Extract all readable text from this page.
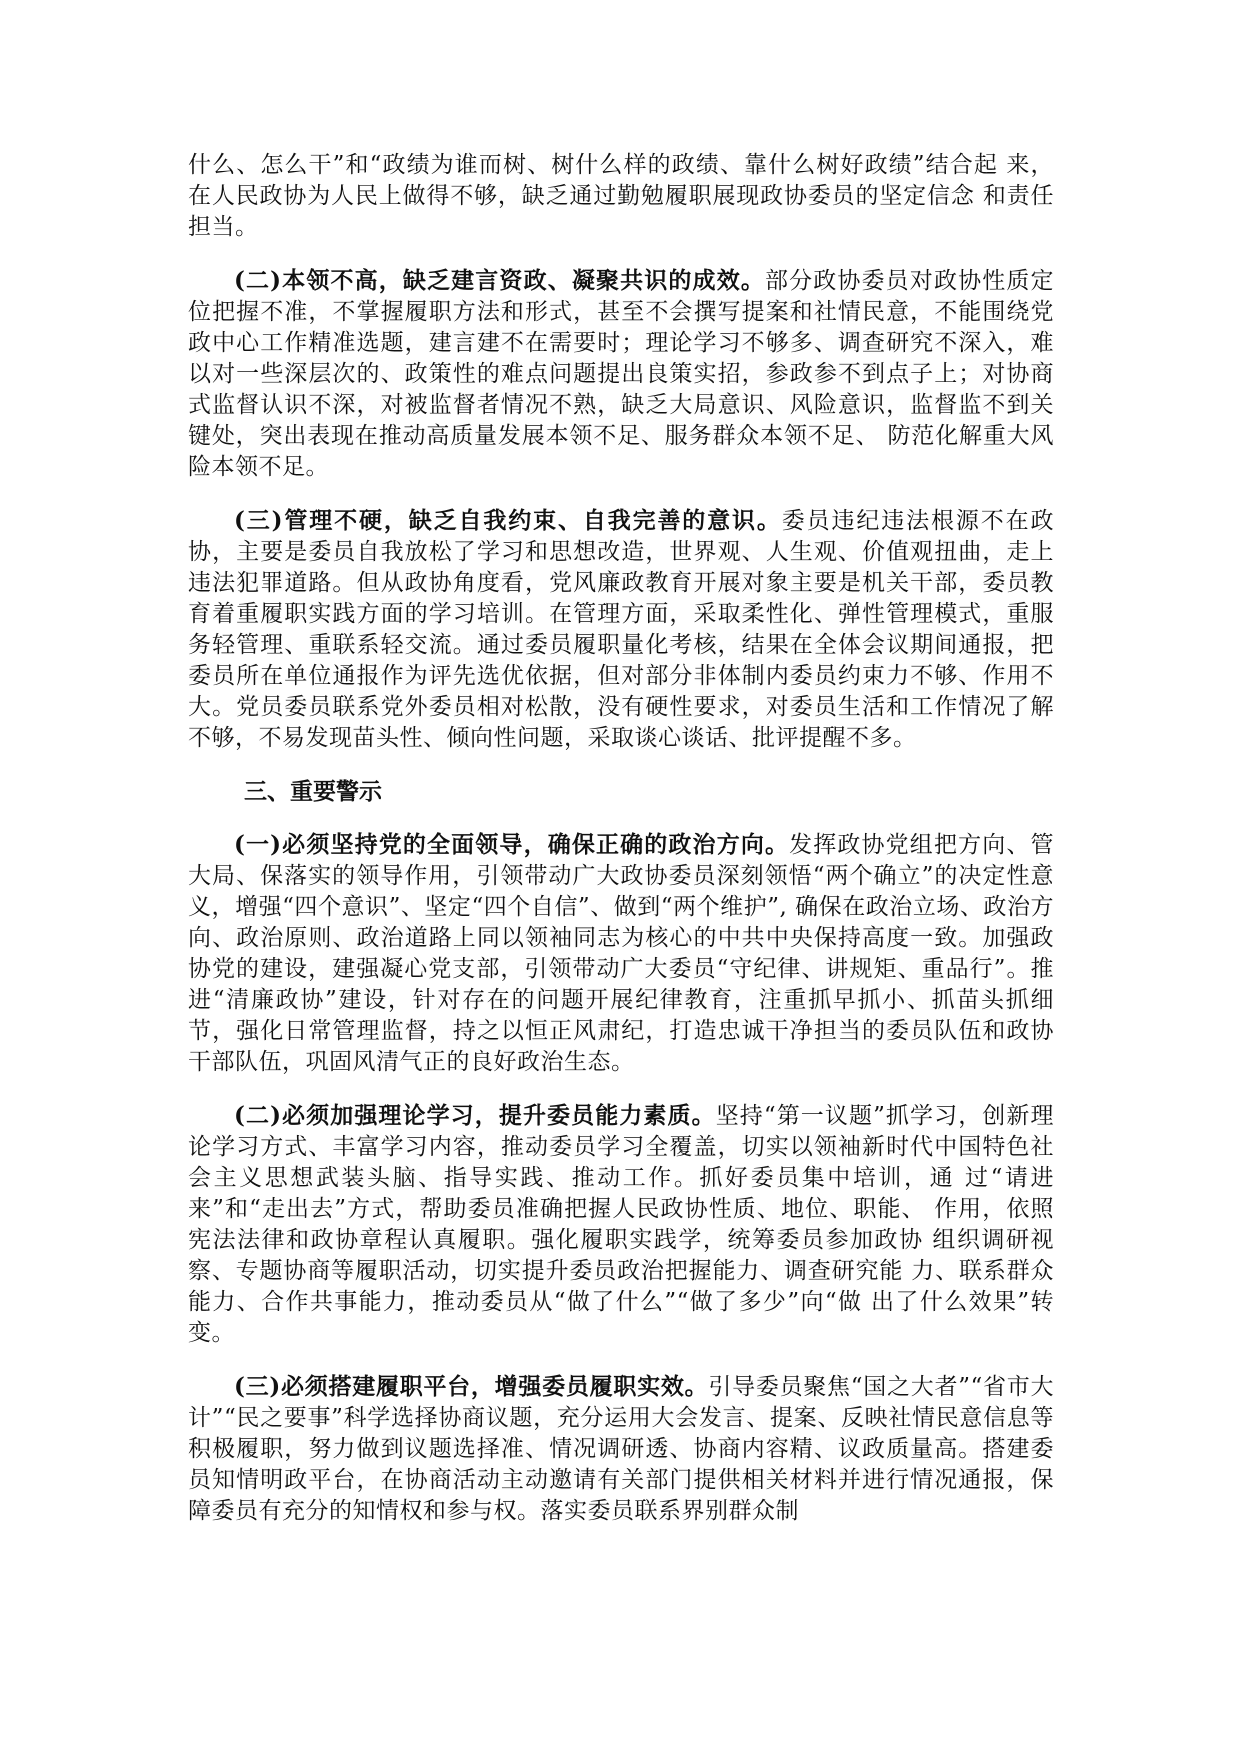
什么、怎么干”和“政绩为谁而树、树什么样的政绩、靠什么树好政绩”结合起 来，在人民政协为人民上做得不够，缺乏通过勤勉履职展现政协委员的坚定信念 和责任担当。

(二)本领不高，缺乏建言资政、凝聚共识的成效。部分政协委员对政协性质定位把握不准，不掌握履职方法和形式，甚至不会撰写提案和社情民意，不能围绕党政中心工作精准选题，建言建不在需要时；理论学习不够多、调查研究不深入，难以对一些深层次的、政策性的难点问题提出良策实招，参政参不到点子上；对协商式监督认识不深，对被监督者情况不熟，缺乏大局意识、风险意识，监督监不到关键处，突出表现在推动高质量发展本领不足、服务群众本领不足、 防范化解重大风险本领不足。

(三)管理不硬，缺乏自我约束、自我完善的意识。委员违纪违法根源不在政协，主要是委员自我放松了学习和思想改造，世界观、人生观、价值观扭曲，走上违法犯罪道路。但从政协角度看，党风廉政教育开展对象主要是机关干部，委员教育着重履职实践方面的学习培训。在管理方面，采取柔性化、弹性管理模式，重服务轻管理、重联系轻交流。通过委员履职量化考核，结果在全体会议期间通报，把委员所在单位通报作为评先选优依据，但对部分非体制内委员约束力不够、作用不大。党员委员联系党外委员相对松散，没有硬性要求，对委员生活和工作情况了解不够，不易发现苗头性、倾向性问题，采取谈心谈话、批评提醒不多。

三、重要警示

(一)必须坚持党的全面领导，确保正确的政治方向。发挥政协党组把方向、管大局、保落实的领导作用，引领带动广大政协委员深刻领悟“两个确立”的决定性意义，增强“四个意识”、坚定“四个自信”、做到“两个维护”, 确保在政治立场、政治方向、政治原则、政治道路上同以领袖同志为核心的中共中央保持高度一致。加强政协党的建设，建强凝心党支部，引领带动广大委员“守纪律、讲规矩、重品行”。推进“清廉政协”建设，针对存在的问题开展纪律教育，注重抓早抓小、抓苗头抓细节，强化日常管理监督，持之以恒正风肃纪，打造忠诚干净担当的委员队伍和政协干部队伍，巩固风清气正的良好政治生态。

(二)必须加强理论学习，提升委员能力素质。坚持“第一议题”抓学习，创新理论学习方式、丰富学习内容，推动委员学习全覆盖，切实以领袖新时代中国特色社会主义思想武装头脑、指导实践、推动工作。抓好委员集中培训，通 过“请进来”和“走出去”方式，帮助委员准确把握人民政协性质、地位、职能、 作用，依照宪法法律和政协章程认真履职。强化履职实践学，统筹委员参加政协 组织调研视察、专题协商等履职活动，切实提升委员政治把握能力、调查研究能 力、联系群众能力、合作共事能力，推动委员从“做了什么”“做了多少”向“做 出了什么效果”转变。

(三)必须搭建履职平台，增强委员履职实效。引导委员聚焦“国之大者”“省市大计”“民之要事”科学选择协商议题，充分运用大会发言、提案、反映社情民意信息等积极履职，努力做到议题选择准、情况调研透、协商内容精、议政质量高。搭建委员知情明政平台，在协商活动主动邀请有关部门提供相关材料并进行情况通报，保障委员有充分的知情权和参与权。落实委员联系界别群众制
